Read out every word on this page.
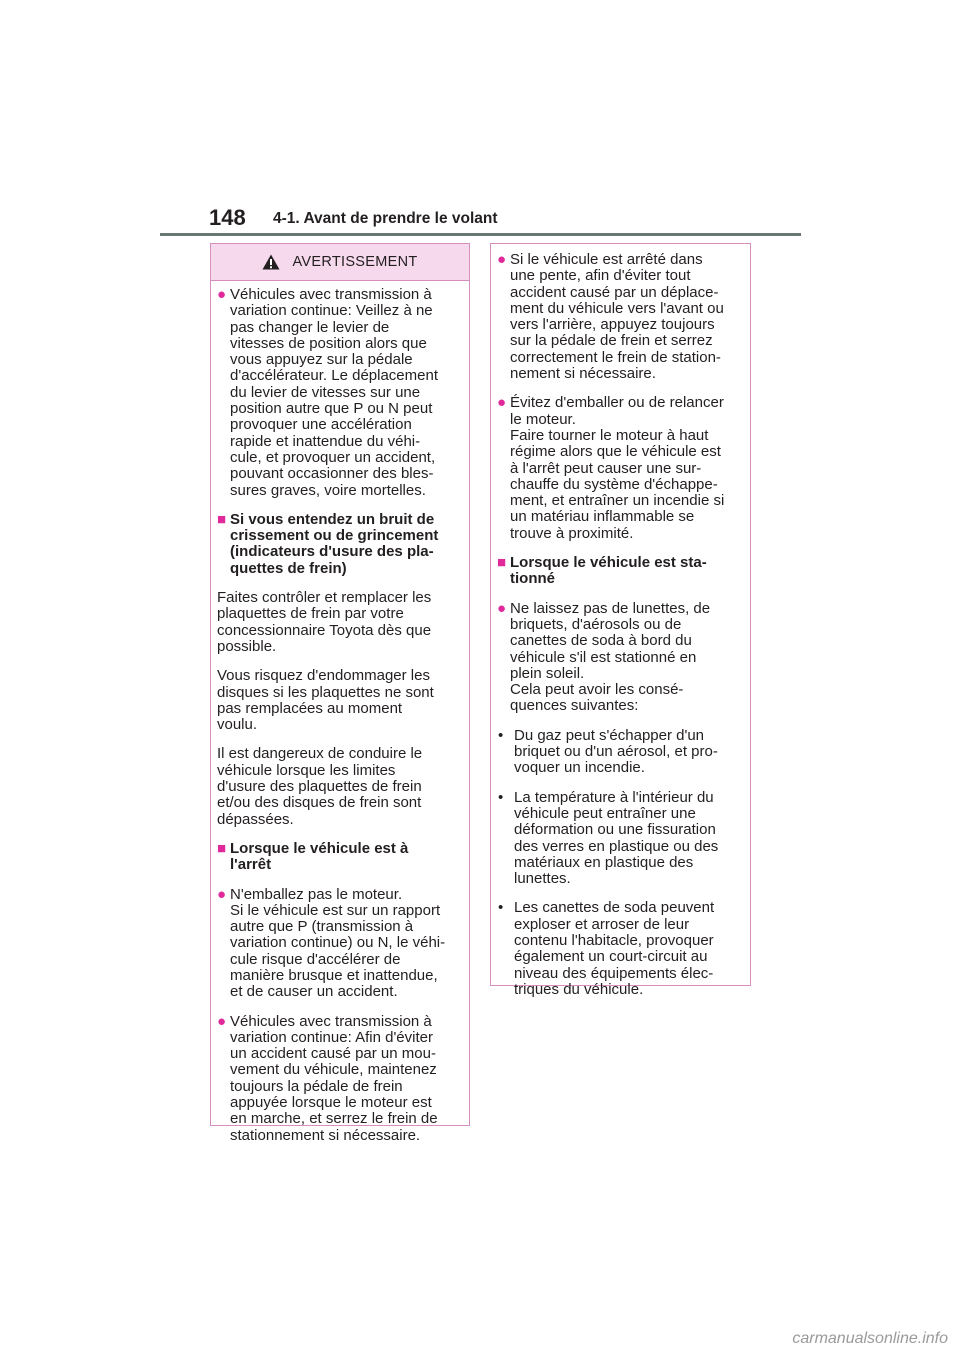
148 4-1. Avant de prendre le volant
AVERTISSEMENT
● Véhicules avec transmission à
variation continue: Veillez à ne
pas changer le levier de
vitesses de position alors que
vous appuyez sur la pédale
d'accélérateur. Le déplacement
du levier de vitesses sur une
position autre que P ou N peut
provoquer une accélération
rapide et inattendue du véhi-
cule, et provoquer un accident,
pouvant occasionner des bles-
sures graves, voire mortelles.
■ Si vous entendez un bruit de
crissement ou de grincement
(indicateurs d'usure des pla-
quettes de frein)
Faites contrôler et remplacer les
plaquettes de frein par votre
concessionnaire Toyota dès que
possible.
Vous risquez d'endommager les
disques si les plaquettes ne sont
pas remplacées au moment
voulu.
Il est dangereux de conduire le
véhicule lorsque les limites
d'usure des plaquettes de frein
et/ou des disques de frein sont
dépassées.
■ Lorsque le véhicule est à
l'arrêt
● N'emballez pas le moteur.
Si le véhicule est sur un rapport
autre que P (transmission à
variation continue) ou N, le véhi-
cule risque d'accélérer de
manière brusque et inattendue,
et de causer un accident.
● Véhicules avec transmission à
variation continue: Afin d'éviter
un accident causé par un mou-
vement du véhicule, maintenez
toujours la pédale de frein
appuyée lorsque le moteur est
en marche, et serrez le frein de
stationnement si nécessaire.
● Si le véhicule est arrêté dans
une pente, afin d'éviter tout
accident causé par un déplace-
ment du véhicule vers l'avant ou
vers l'arrière, appuyez toujours
sur la pédale de frein et serrez
correctement le frein de station-
nement si nécessaire.
● Évitez d'emballer ou de relancer
le moteur.
Faire tourner le moteur à haut
régime alors que le véhicule est
à l'arrêt peut causer une sur-
chauffe du système d'échappe-
ment, et entraîner un incendie si
un matériau inflammable se
trouve à proximité.
■ Lorsque le véhicule est sta-
tionné
● Ne laissez pas de lunettes, de
briquets, d'aérosols ou de
canettes de soda à bord du
véhicule s'il est stationné en
plein soleil.
Cela peut avoir les consé-
quences suivantes:
• Du gaz peut s'échapper d'un
briquet ou d'un aérosol, et pro-
voquer un incendie.
• La température à l'intérieur du
véhicule peut entraîner une
déformation ou une fissuration
des verres en plastique ou des
matériaux en plastique des
lunettes.
• Les canettes de soda peuvent
exploser et arroser de leur
contenu l'habitacle, provoquer
également un court-circuit au
niveau des équipements élec-
triques du véhicule.
carmanualsonline.info
